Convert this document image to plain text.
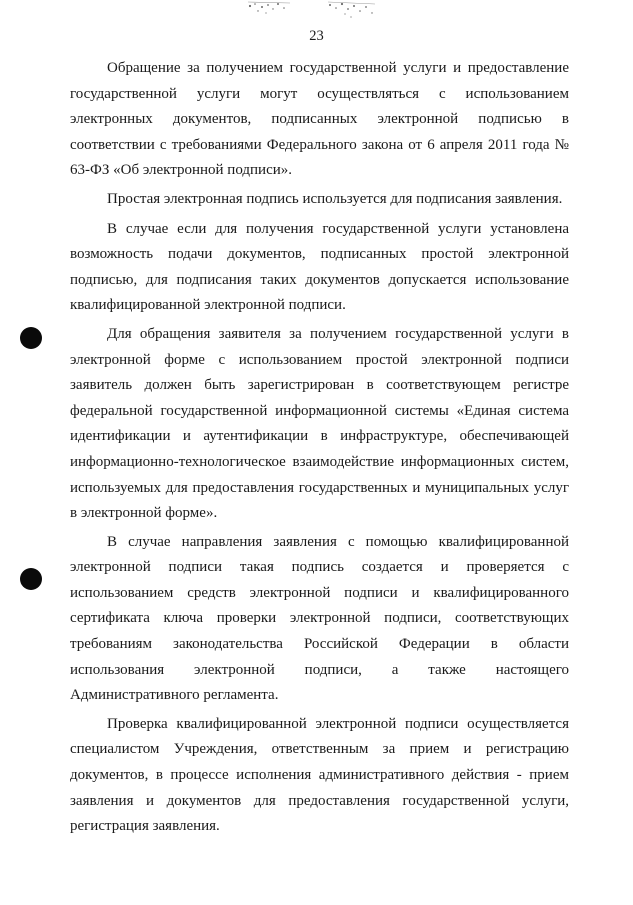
23

Обращение за получением государственной услуги и предоставление государственной услуги могут осуществляться с использованием электронных документов, подписанных электронной подписью в соответствии с требованиями Федерального закона от 6 апреля 2011 года № 63-ФЗ «Об электронной подписи».

Простая электронная подпись используется для подписания заявления.

В случае если для получения государственной услуги установлена возможность подачи документов, подписанных простой электронной подписью, для подписания таких документов допускается использование квалифицированной электронной подписи.

Для обращения заявителя за получением государственной услуги в электронной форме с использованием простой электронной подписи заявитель должен быть зарегистрирован в соответствующем регистре федеральной государственной информационной системы «Единая система идентификации и аутентификации в инфраструктуре, обеспечивающей информационно-технологическое взаимодействие информационных систем, используемых для предоставления государственных и муниципальных услуг в электронной форме».

В случае направления заявления с помощью квалифицированной электронной подписи такая подпись создается и проверяется с использованием средств электронной подписи и квалифицированного сертификата ключа проверки электронной подписи, соответствующих требованиям законодательства Российской Федерации в области использования электронной подписи, а также настоящего Административного регламента.

Проверка квалифицированной электронной подписи осуществляется специалистом Учреждения, ответственным за прием и регистрацию документов, в процессе исполнения административного действия - прием заявления и документов для предоставления государственной услуги, регистрация заявления.
